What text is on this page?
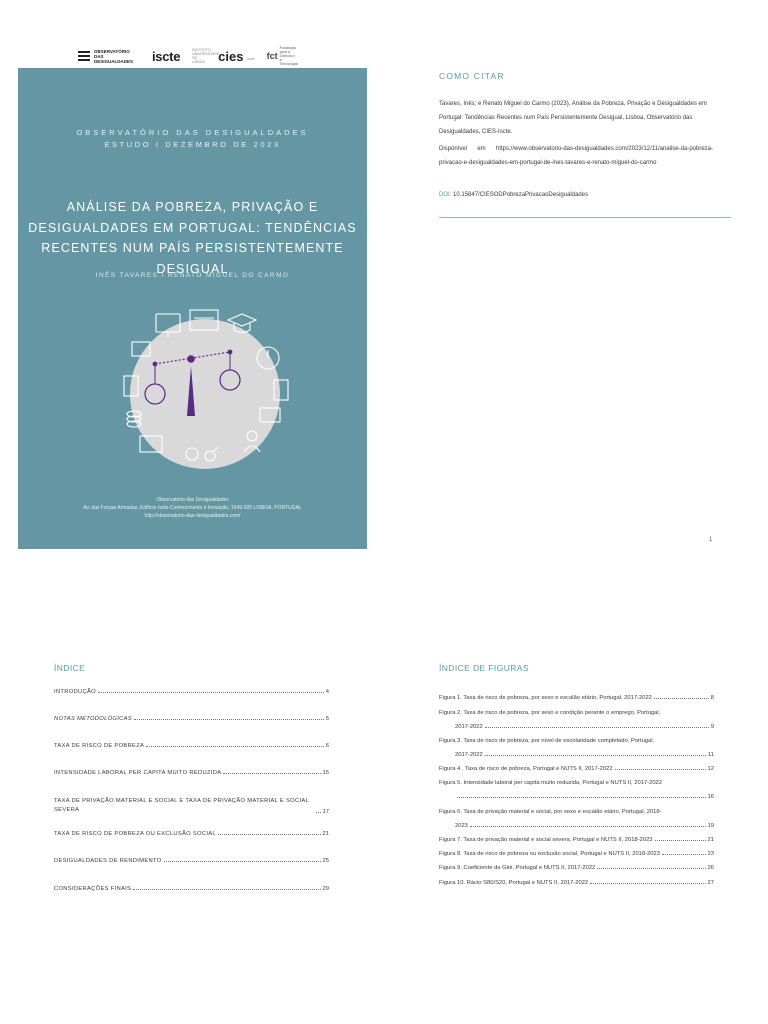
OBSERVATÓRIO DAS DESIGUALDADES	iscte	INSTITUTO UNIVERSITÁRIO DE LISBOA cies _iscte fct
Fundação para a Ciência e a Tecnologia
OBSERVATÓRIO DAS DESIGUALDADES
ESTUDO I DEZEMBRO DE 2023
ANÁLISE DA POBREZA, PRIVAÇÃO E DESIGUALDADES EM PORTUGAL: TENDÊNCIAS RECENTES NUM PAÍS PERSISTENTEMENTE DESIGUAL
INÊS TAVARES I RENATO MIGUEL DO CARMO
Observatório das Desigualdades
Av. das Forças Armadas, Edifício Iscte-Conhecimento e Inovação, 1649-026 LISBOA, PORTUGAL
http://observatorio-das-desigualdades.com/
COMO CITAR
Tavares, Inês; e Renato Miguel do Carmo (2023), Análise da Pobreza, Privação e Desigualdades em Portugal: Tendências Recentes num País Persistentemente Desigual, Lisboa, Observatório das Desigualdades, CIES-Iscte.
Disponível em https://www.observatorio-das-desigualdades.com/2023/12/11/analise-da-pobreza-privacao-e-desigualdades-em-portugal-de-ines-tavares-e-renato-miguel-do-carmo
DOI: 10.15847/CIESODPobrezaPrivacaoDesigualdades
1
ÍNDICE
INTRODUÇÃO	4
NOTAS METODOLÓGICAS	5
TAXA DE RISCO DE POBREZA	6
INTENSIDADE LABORAL PER CAPITA MUITO REDUZIDA	15
TAXA DE PRIVAÇÃO MATERIAL E SOCIAL E TAXA DE PRIVAÇÃO MATERIAL E SOCIAL SEVERA	17
TAXA DE RISCO DE POBREZA OU EXCLUSÃO SOCIAL	21
DESIGUALDADES DE RENDIMENTO	25
CONSIDERAÇÕES FINAIS	29
ÍNDICE DE FIGURAS
Figura 1. Taxa de risco de pobreza, por sexo e escalão etário, Portugal, 2017-2022	8
Figura 2. Taxa de risco de pobreza, por sexo e condição perante o emprego, Portugal,
2017-2022	9
Figura 3. Taxa de risco de pobreza, por nível de escolaridade completado, Portugal,
2017-2022	11
Figura 4 . Taxa de risco de pobreza, Portugal e NUTS II, 2017-2022	12
Figura 5. Intensidade laboral per capita muito reduzida, Portugal e NUTS II, 2017-2022
16
Figura 6. Taxa de privação material e social, por sexo e escalão etário, Portugal, 2018-
2023	19
Figura 7. Taxa de privação material e social severa, Portugal e NUTS II, 2018-2023	21
Figura 8. Taxa de risco de pobreza ou exclusão social, Portugal e NUTS II, 2018-2023	23
Figura 9. Coeficiente de Gini, Portugal e NUTS II, 2017-2022	26
Figura 10. Rácio S80/S20, Portugal e NUTS II, 2017-2022	27
